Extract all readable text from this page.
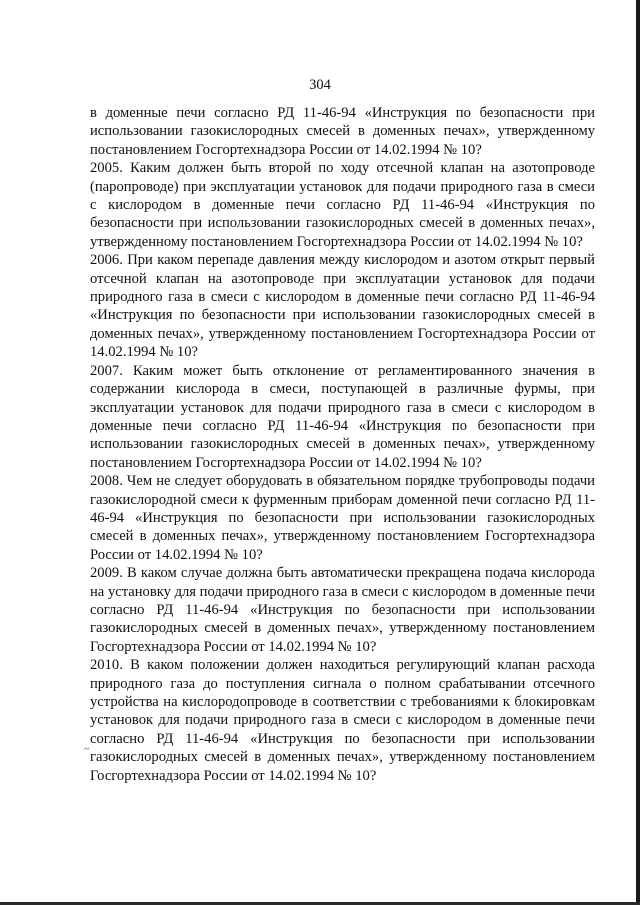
304

в доменные печи согласно РД 11-46-94 «Инструкция по безопасности при использовании газокислородных смесей в доменных печах», утвержденному постановлением Госгортехнадзора России от 14.02.1994 № 10?

2005. Каким должен быть второй по ходу отсечной клапан на азотопроводе (паропроводе) при эксплуатации установок для подачи природного газа в смеси с кислородом в доменные печи согласно РД 11-46-94 «Инструкция по безопасности при использовании газокислородных смесей в доменных печах», утвержденному постановлением Госгортехнадзора России от 14.02.1994 № 10?

2006. При каком перепаде давления между кислородом и азотом открыт первый отсечной клапан на азотопроводе при эксплуатации установок для подачи природного газа в смеси с кислородом в доменные печи согласно РД 11-46-94 «Инструкция по безопасности при использовании газокислородных смесей в доменных печах», утвержденному постановлением Госгортехнадзора России от 14.02.1994 № 10?

2007. Каким может быть отклонение от регламентированного значения в содержании кислорода в смеси, поступающей в различные фурмы, при эксплуатации установок для подачи природного газа в смеси с кислородом в доменные печи согласно РД 11-46-94 «Инструкция по безопасности при использовании газокислородных смесей в доменных печах», утвержденному постановлением Госгортехнадзора России от 14.02.1994 № 10?

2008. Чем не следует оборудовать в обязательном порядке трубопроводы подачи газокислородной смеси к фурменным приборам доменной печи согласно РД 11-46-94 «Инструкция по безопасности при использовании газокислородных смесей в доменных печах», утвержденному постановлением Госгортехнадзора России от 14.02.1994 № 10?

2009. В каком случае должна быть автоматически прекращена подача кислорода на установку для подачи природного газа в смеси с кислородом в доменные печи согласно РД 11-46-94 «Инструкция по безопасности при использовании газокислородных смесей в доменных печах», утвержденному постановлением Госгортехнадзора России от 14.02.1994 № 10?

2010. В каком положении должен находиться регулирующий клапан расхода природного газа до поступления сигнала о полном срабатывании отсечного устройства на кислородопроводе в соответствии с требованиями к блокировкам установок для подачи природного газа в смеси с кислородом в доменные печи согласно РД 11-46-94 «Инструкция по безопасности при использовании газокислородных смесей в доменных печах», утвержденному постановлением Госгортехнадзора России от 14.02.1994 № 10?

~
